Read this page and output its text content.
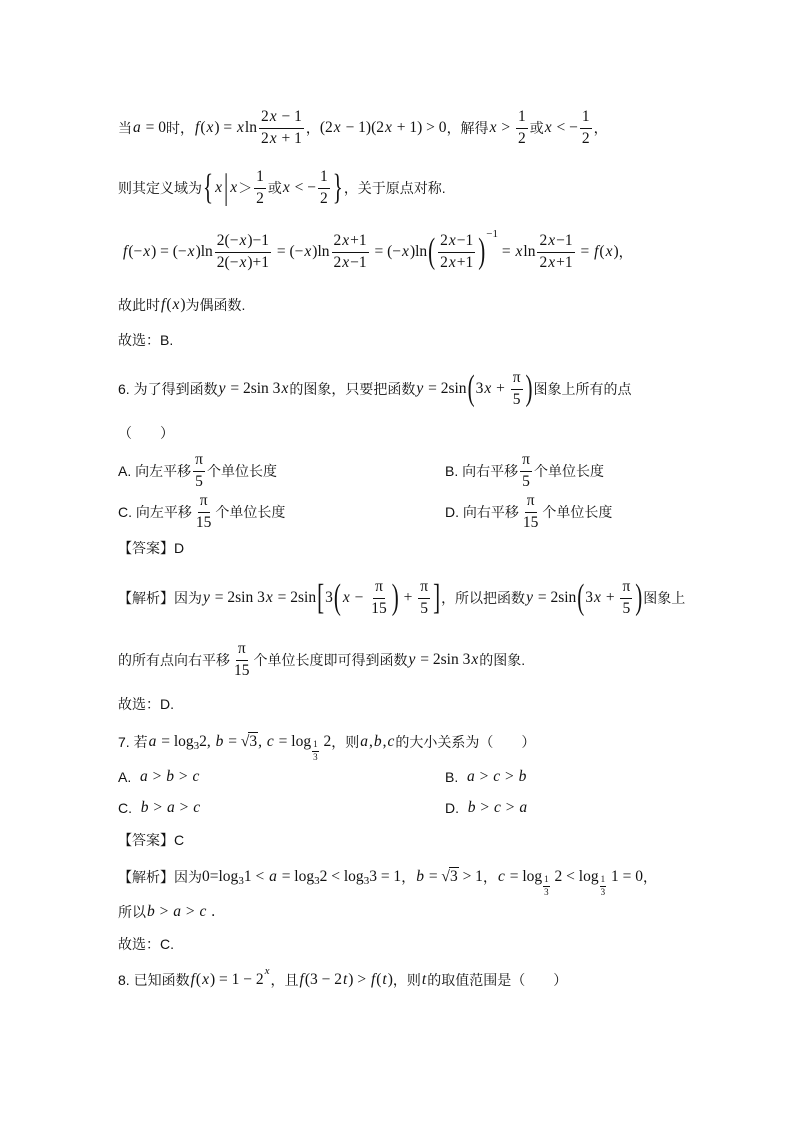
当 a = 0 时， f ( x ) = x $\ln \frac{2 x - 1}{2 x + 1}$ ， (2 x − 1)(2 x + 1) > 0 ，解得 $x > \frac{1}{2}$ 或 x < − $\frac{1}{2}$ ，
则其定义域为 { x | $x > \frac{1}{2}$ 或 x < − $\frac{1}{2}$ } ，关于原点对称.
f (− x ) = (− x )$\ln \frac{2(- x )-1}{2(- x )+1}$ = (− x )$\ln \frac{2 x +1}{2 x -1}$ = (− x )ln ( $\frac{2 x -1}{2 x +1}$ ) −1
= x $\ln \frac{2 x -1}{2 x +1} = f$ ( x ) ，
故此时 f ( x ) 为偶函数.
故选：B.
6. 为了得到函数 y = 2sin 3 x 的图象，只要把函数 y = 2sin ( 3 $x + \frac{\pi}{5}$ ) 图象上所有的点
（　　）
A. 向左平移 $\frac{\pi}{5}$ 个单位长度	B. 向右平移 $\frac{\pi}{5}$ 个单位长度
C. 向左平移 $\frac{\pi}{15}$ 个单位长度	D. 向右平移 $\frac{\pi}{15}$ 个单位长度
【答案】D
【解析】因为 y = 2sin 3 x = 2sin [ 3 ( $x - \frac{\pi}{15}$ ) + $\frac{\pi}{5}$ ] ，所以把函数 y = 2sin ( 3 $x + \frac{\pi}{5}$ ) 图象上
的所有点向右平移 $\frac{\pi}{15}$ 个单位长度即可得到函数 y = 2sin 3 x 的图象.
故选：D.
7. 若 a = log 3 2, b = √ 3 , $c = \log \frac{1}{3} 2$ ，则 a , b , c 的大小关系为（　　）
A. a > b > c	B. a > c > b
C. b > a > c	D. b > c > a
【答案】C
【解析】因为 0=log 3 1 < a = log 3 2 < log 3 3 = 1 ， b = √ 3 > 1 ， $c = \log \frac{1}{3} 2 < \log \frac{1}{3} 1 = 0$ ，
所以 b > a > c .
故选：C.
8. 已知函数 f ( x ) = 1 − 2 x
，且 f (3 − 2 t ) > f ( t ) ，则 t 的取值范围是（　　）
